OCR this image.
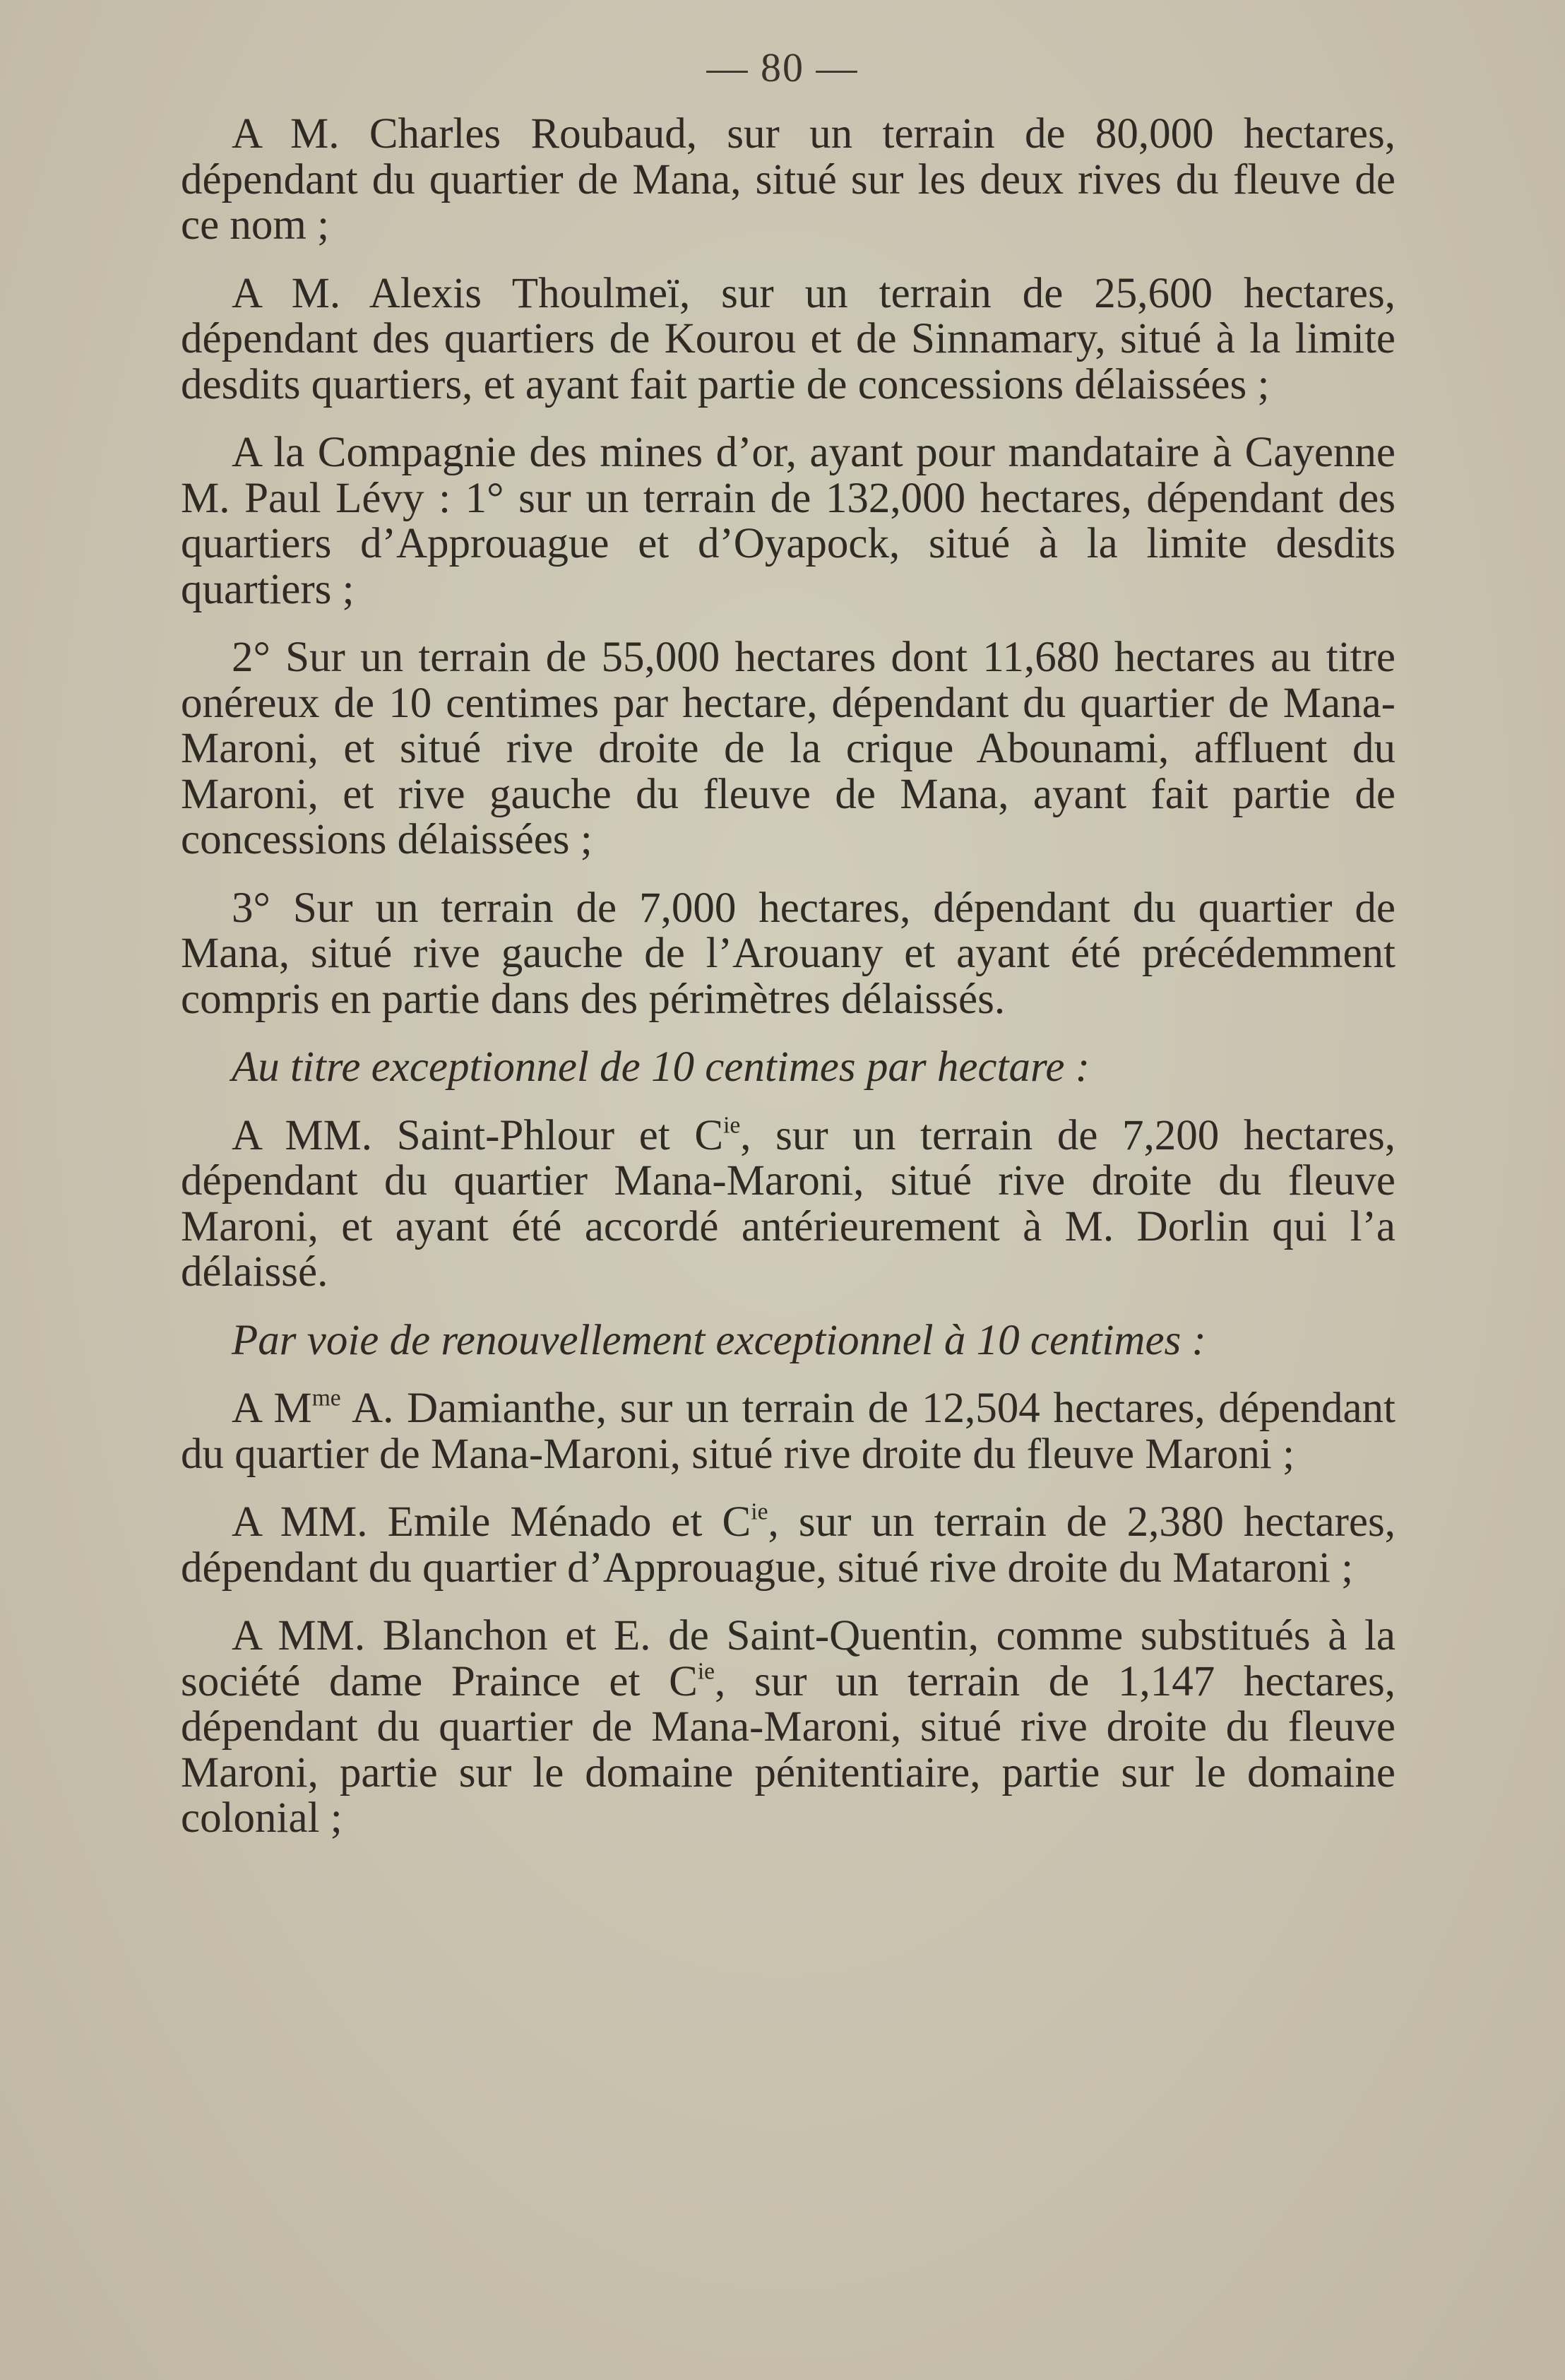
— 80 —

A M. Charles Roubaud, sur un terrain de 80,000 hectares, dépendant du quartier de Mana, situé sur les deux rives du fleuve de ce nom ;

A M. Alexis Thoulmeï, sur un terrain de 25,600 hectares, dépendant des quartiers de Kourou et de Sinnamary, situé à la limite desdits quartiers, et ayant fait partie de concessions délaissées ;

A la Compagnie des mines d’or, ayant pour mandataire à Cayenne M. Paul Lévy : 1° sur un terrain de 132,000 hectares, dépendant des quartiers d’Approuague et d’Oyapock, situé à la limite desdits quartiers ;

2° Sur un terrain de 55,000 hectares dont 11,680 hectares au titre onéreux de 10 centimes par hectare, dépendant du quartier de Mana-Maroni, et situé rive droite de la crique Abounami, affluent du Maroni, et rive gauche du fleuve de Mana, ayant fait partie de concessions délaissées ;

3° Sur un terrain de 7,000 hectares, dépendant du quartier de Mana, situé rive gauche de l’Arouany et ayant été précédemment compris en partie dans des périmètres délaissés.

Au titre exceptionnel de 10 centimes par hectare :

A MM. Saint-Phlour et $C^{ie}$, sur un terrain de 7,200 hectares, dépendant du quartier Mana-Maroni, situé rive droite du fleuve Maroni, et ayant été accordé antérieurement à M. Dorlin qui l’a délaissé.

Par voie de renouvellement exceptionnel à 10 centimes :

A $M^{me}$ A. Damianthe, sur un terrain de 12,504 hectares, dépendant du quartier de Mana-Maroni, situé rive droite du fleuve Maroni ;

A MM. Emile Ménado et $C^{ie}$, sur un terrain de 2,380 hectares, dépendant du quartier d’Approuague, situé rive droite du Mataroni ;

A MM. Blanchon et E. de Saint-Quentin, comme substitués à la société dame Praince et $C^{ie}$, sur un terrain de 1,147 hectares, dépendant du quartier de Mana-Maroni, situé rive droite du fleuve Maroni, partie sur le domaine pénitentiaire, partie sur le domaine colonial ;
